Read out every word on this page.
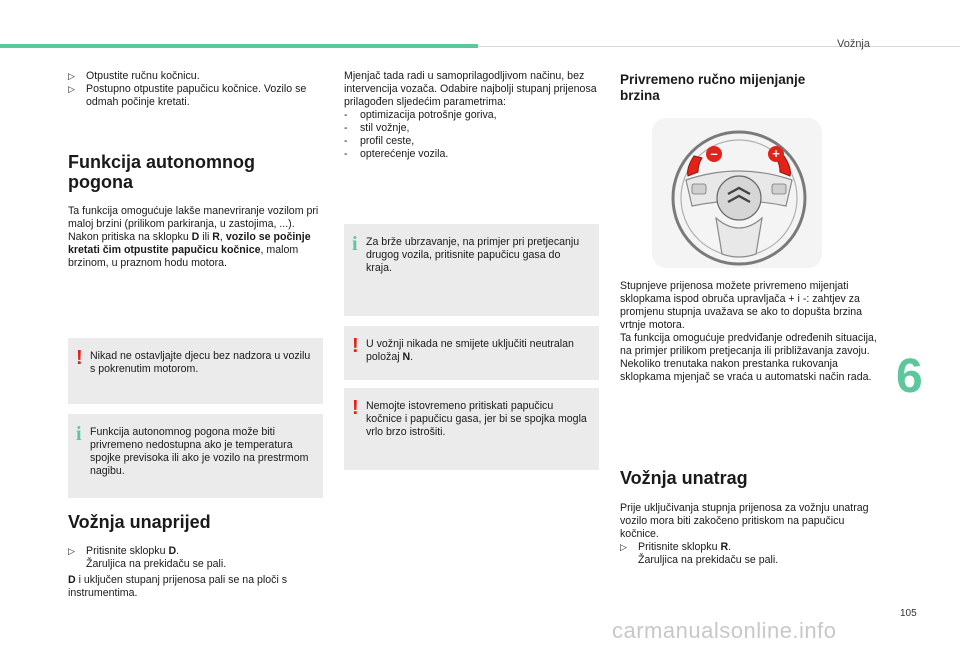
Vožnja
▷	Otpustite ručnu kočnicu.
▷	Postupno otpustite papučicu kočnice. Vozilo se odmah počinje kretati.

Funkcija autonomnog
pogona

Ta funkcija omogućuje lakše manevriranje vozilom pri maloj brzini (prilikom parkiranja, u zastojima, ...).

Nakon pritiska na sklopku D ili R, vozilo se počinje kretati čim otpustite papučicu kočnice, malom brzinom, u praznom hodu motora.

! Nikad ne ostavljajte djecu bez nadzora u vozilu s pokrenutim motorom.
i Funkcija autonomnog pogona može biti privremeno nedostupna ako je temperatura spojke previsoka ili ako je vozilo na prestrmom nagibu.

Vožnja unaprijed

▷	Pritisnite sklopku D.
Žaruljica na prekidaču se pali.

D i uključen stupanj prijenosa pali se na ploči s instrumentima.

Mjenjač tada radi u samoprilagodljivom načinu, bez intervencija vozača. Odabire najbolji stupanj prijenosa prilagođen sljedećim parametrima:

-	optimizacija potrošnje goriva,
-	stil vožnje,
-	profil ceste,
-	opterećenje vozila.
i Za brže ubrzavanje, na primjer pri pretjecanju drugog vozila, pritisnite papučicu gasa do kraja.
! U vožnji nikada ne smijete uključiti neutralan položaj N.
! Nemojte istovremeno pritiskati papučicu kočnice i papučicu gasa, jer bi se spojka mogla vrlo brzo istrošiti.

Privremeno ručno mijenjanje
brzina

–	+

Stupnjeve prijenosa možete privremeno mijenjati sklopkama ispod obruča upravljača + i -: zahtjev za promjenu stupnja uvažava se ako to dopušta brzina vrtnje motora.

Ta funkcija omogućuje predviđanje određenih situacija, na primjer prilikom pretjecanja ili približavanja zavoju.

Nekoliko trenutaka nakon prestanka rukovanja sklopkama mjenjač se vraća u automatski način rada.

Vožnja unatrag

Prije uključivanja stupnja prijenosa za vožnju unatrag vozilo mora biti zakočeno pritiskom na papučicu kočnice.

▷	Pritisnite sklopku R.
Žaruljica na prekidaču se pali.
6
105
carmanualsonline.info
